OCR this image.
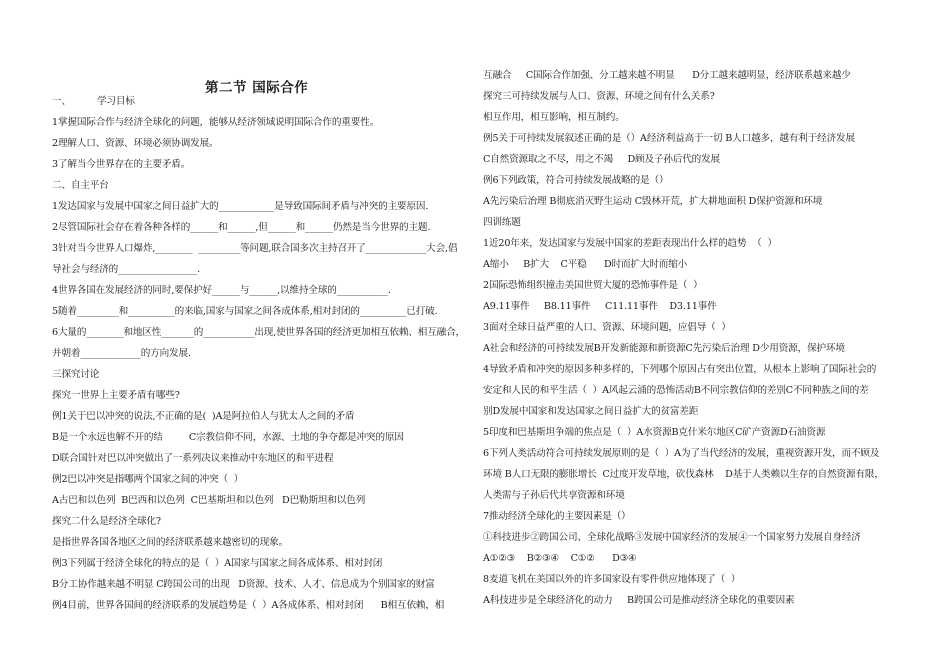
第二节 国际合作
一、         学习目标
1掌握国际合作与经济全球化的问题，能够从经济领域说明国际合作的重要性。
2理解人口、资源、环境必须协调发展。
3了解当今世界存在的主要矛盾。
二、自主平台
1发达国家与发展中国家之间日益扩大的____________是导致国际间矛盾与冲突的主要原因.
2尽管国际社会存在着各种各样的______和______,但______和______仍然是当今世界的主题.
3针对当今世界人口爆炸,________  _________等问题,联合国多次主持召开了_____________大会,倡
导社会与经济的_________________.
4世界各国在发展经济的同时,要保护好______与______,以维持全球的___________.
5随着_________和__________的来临,国家与国家之间各成体系,相对封闭的__________已打破.
6大量的________和地区性_______的___________出现,使世界各国的经济更加相互依赖、相互融合，
并朝着_____________的方向发展.
三探究讨论
探究一世界上主要矛盾有哪些?
例1关于巴以冲突的说法,不正确的是(  )A是阿拉伯人与犹太人之间的矛盾
B是一个永远也解不开的结         C宗教信仰不同，水源、土地的争夺都是冲突的原因
D联合国针对巴以冲突做出了一系列决议来推动中东地区的和平进程
例2巴以冲突是指哪两个国家之间的冲突（  ）
A古巴和以色列  B巴西和以色列  C巴基斯坦和以色列   D巴勒斯坦和以色列
探究二什么是经济全球化?
是指世界各国各地区之间的经济联系越来越密切的现象。
例3下列属于经济全球化的特点的是（  ）A国家与国家之间各成体系、相对封闭
B分工协作越来越不明显 C跨国公司的出现   D资源、技术、人才、信息成为个别国家的财富
例4目前，世界各国间的经济联系的发展趋势是（  ）A各成体系、相对封闭      B相互依赖，相
互融合     C国际合作加强、分工越来越不明显      D分工越来越明显，经济联系越来越少
探究三可持续发展与人口、资源、环境之间有什么关系?
相互作用，相互影响，相互制约。
例5关于可持续发展叙述正确的是（）A经济利益高于一切 B人口越多，越有利于经济发展
C自然资源取之不尽，用之不竭     D顾及子孙后代的发展
例6下列政策，符合可持续发展战略的是（）
A先污染后治理 B彻底消灭野生运动 C毁林开荒，扩大耕地面积 D保护资源和环境
四训练题
1近20年来，发达国家与发展中国家的差距表现出什么样的趋势  （  ）
A缩小     B扩大    C平稳      D时而扩大时而缩小
2国际恐怖组织撞击美国世贸大厦的恐怖事件是（  ）
A9.11事件     B8.11事件     C11.11事件    D3.11事件
3面对全球日益严重的人口、资源、环境问题，应倡导（  ）
A社会和经济的可持续发展B开发新能源和新资源C先污染后治理 D少用资源，保护环境
4导致矛盾和冲突的原因多种多样的，下列哪个原因占有突出位置，从根本上影响了国际社会的
安定和人民的和平生活（  ）A风起云涌的恐怖活动B不同宗教信仰的差别C不同种族之间的差
别D发展中国家和发达国家之间日益扩大的贫富差距
5印度和巴基斯坦争端的焦点是（  ）A水资源B克什米尔地区C矿产资源D石油资源
6下列人类活动符合可持续发展原则的是（  ）A为了当代经济的发展，重视资源开发，而不顾及
环境 B人口无限的膨胀增长  C过度开发草地，砍伐森林    D基于人类赖以生存的自然资源有限，
人类需与子孙后代共享资源和环境
7推动经济全球化的主要因素是（）
①科技进步②跨国公司、全球化战略③发展中国家经济的发展④一个国家努力发展自身经济
A①②③    B②③④    C①②      D③④
8麦道飞机在美国以外的许多国家设有零件供应地体现了（  ）
A科技进步是全球经济化的动力     B跨国公司是推动经济全球化的重要因素
